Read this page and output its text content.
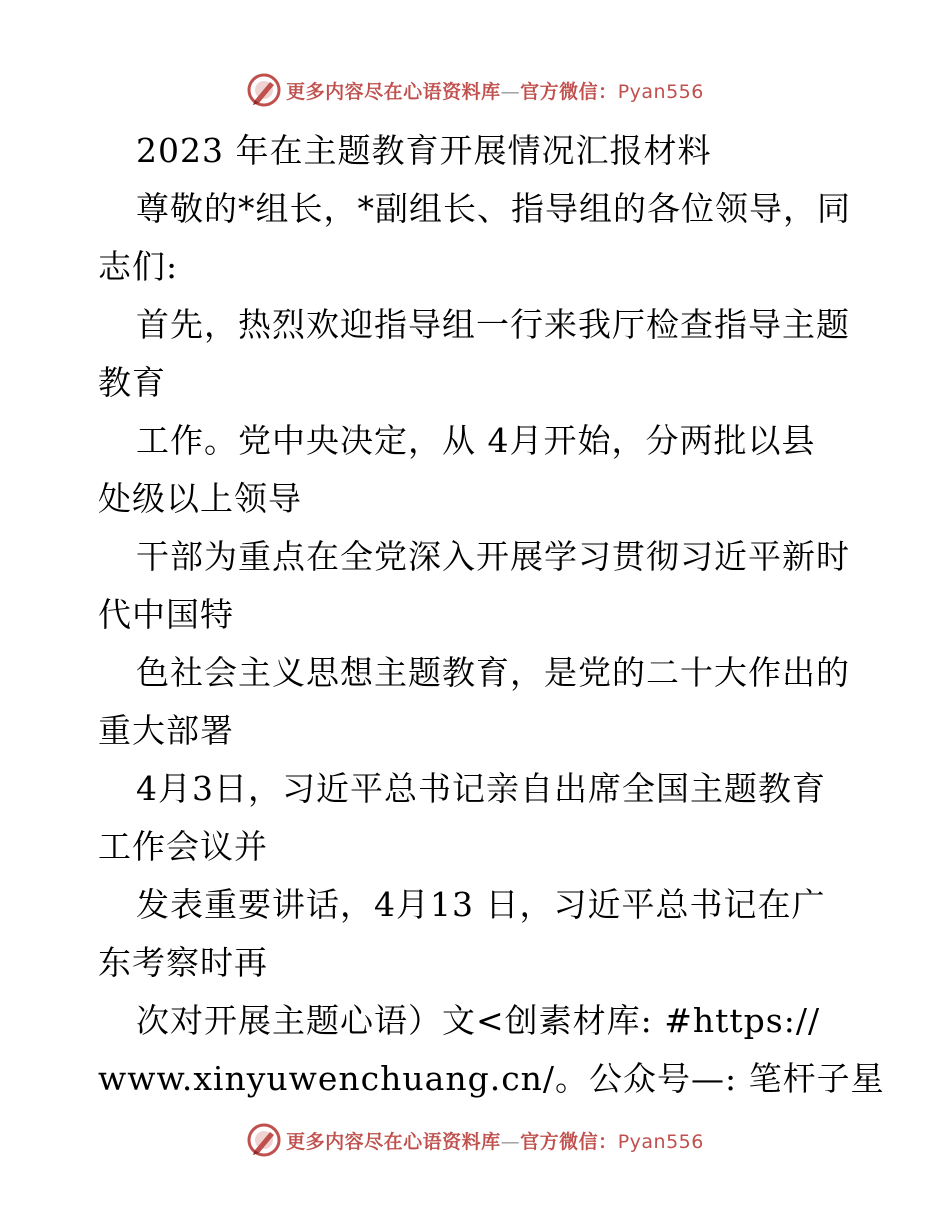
更多内容尽在心语资料库—官方微信：Pyan556
2023 年在主题教育开展情况汇报材料
尊敬的*组长，*副组长、指导组的各位领导，同
志们:
首先，热烈欢迎指导组一行来我厅检查指导主题
教育
工作。党中央决定，从 4月开始，分两批以县
处级以上领导
干部为重点在全党深入开展学习贯彻习近平新时
代中国特
色社会主义思想主题教育，是党的二十大作出的
重大部署
4月3日，习近平总书记亲自出席全国主题教育
工作会议并
发表重要讲话，4月13 日，习近平总书记在广
东考察时再
次对开展主题心语）文<创素材库: #https://
www.xinyuwenchuang.cn/。公众号—: 笔杆子星
更多内容尽在心语资料库—官方微信：Pyan556
